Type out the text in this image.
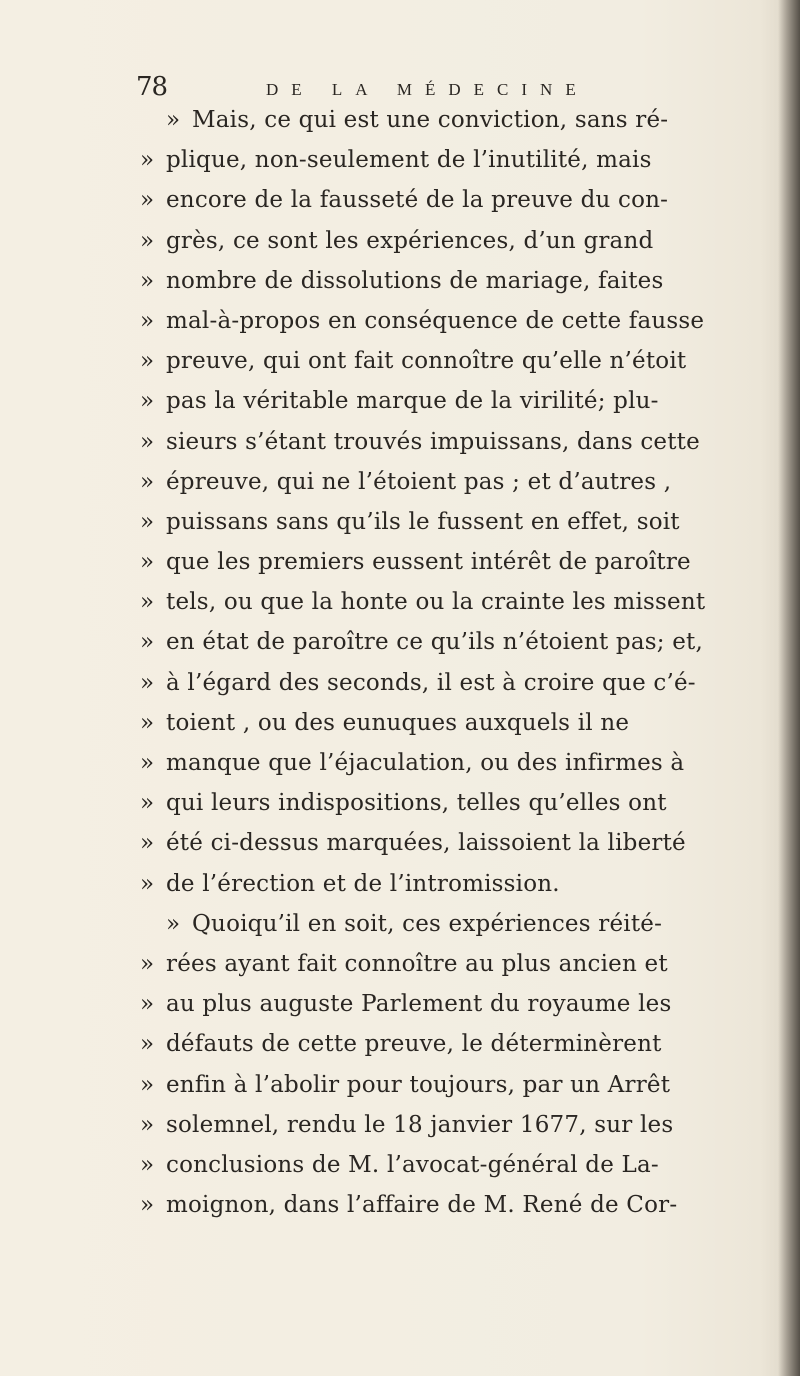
78	DE LA MÉDECINE
» Mais, ce qui est une conviction, sans ré-
» plique, non-seulement de l’inutilité, mais
» encore de la fausseté de la preuve du con-
» grès, ce sont les expériences, d’un grand
» nombre de dissolutions de mariage, faites
» mal-à-propos en conséquence de cette fausse
» preuve, qui ont fait connoître qu’elle n’étoit
» pas la véritable marque de la virilité; plu-
» sieurs s’étant trouvés impuissans, dans cette
» épreuve, qui ne l’étoient pas ; et d’autres ,
» puissans sans qu’ils le fussent en effet, soit
» que les premiers eussent intérêt de paroître
» tels, ou que la honte ou la crainte les missent
» en état de paroître ce qu’ils n’étoient pas; et,
» à l’égard des seconds, il est à croire que c’é-
» toient , ou des eunuques auxquels il ne
» manque que l’éjaculation, ou des infirmes à
» qui leurs indispositions, telles qu’elles ont
» été ci-dessus marquées, laissoient la liberté
» de l’érection et de l’intromission.
» Quoiqu’il en soit, ces expériences réité-
» rées ayant fait connoître au plus ancien et
» au plus auguste Parlement du royaume les
» défauts de cette preuve, le déterminèrent
» enfin à l’abolir pour toujours, par un Arrêt
» solemnel, rendu le 18 janvier 1677, sur les
» conclusions de M. l’avocat-général de La-
» moignon, dans l’affaire de M. René de Cor-
